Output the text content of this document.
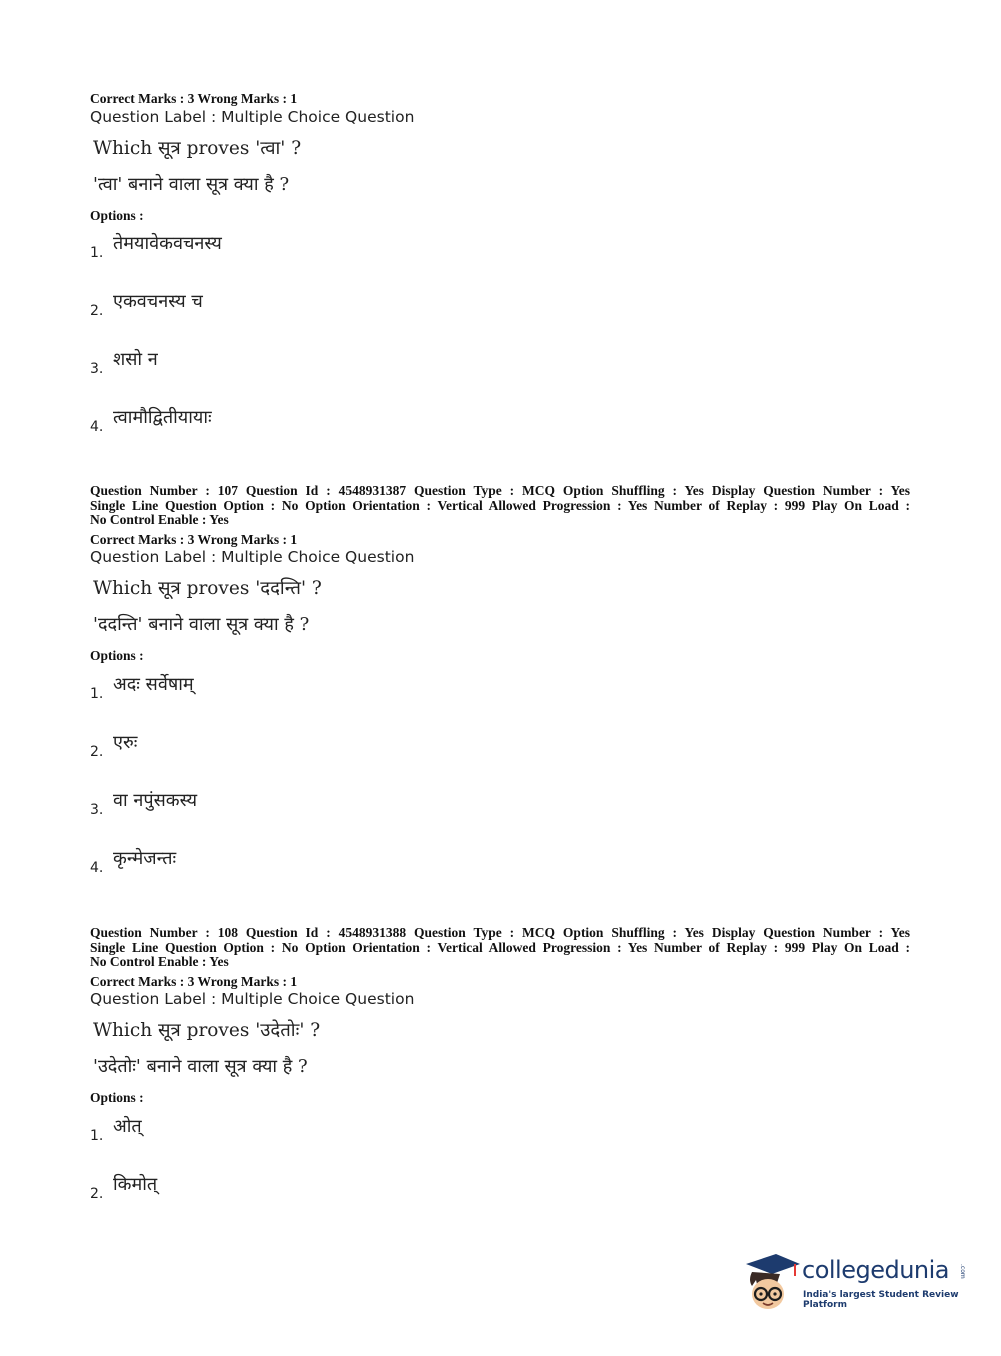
Correct Marks : 3 Wrong Marks : 1
Question Label : Multiple Choice Question
Which सूत्र proves 'त्वा' ?
'त्वा' बनाने वाला सूत्र क्या है ?
Options :
1. तेमयावेकवचनस्य
2. एकवचनस्य च
3. शसो न
4. त्वामौद्वितीयायाः
Question Number : 107 Question Id : 4548931387 Question Type : MCQ Option Shuffling : Yes Display Question Number : Yes
Single Line Question Option : No Option Orientation : Vertical Allowed Progression : Yes Number of Replay : 999 Play On Load :
No Control Enable : Yes
Correct Marks : 3 Wrong Marks : 1
Question Label : Multiple Choice Question
Which सूत्र proves 'ददन्ति' ?
'ददन्ति' बनाने वाला सूत्र क्या है ?
Options :
1. अदः सर्वेषाम्
2. एरुः
3. वा नपुंसकस्य
4. कृन्मेजन्तः
Question Number : 108 Question Id : 4548931388 Question Type : MCQ Option Shuffling : Yes Display Question Number : Yes
Single Line Question Option : No Option Orientation : Vertical Allowed Progression : Yes Number of Replay : 999 Play On Load :
No Control Enable : Yes
Correct Marks : 3 Wrong Marks : 1
Question Label : Multiple Choice Question
Which सूत्र proves 'उदेतोः' ?
'उदेतोः' बनाने वाला सूत्र क्या है ?
Options :
1. ओत्
2. किमोत्
collegedunia .com
India's largest Student Review Platform
